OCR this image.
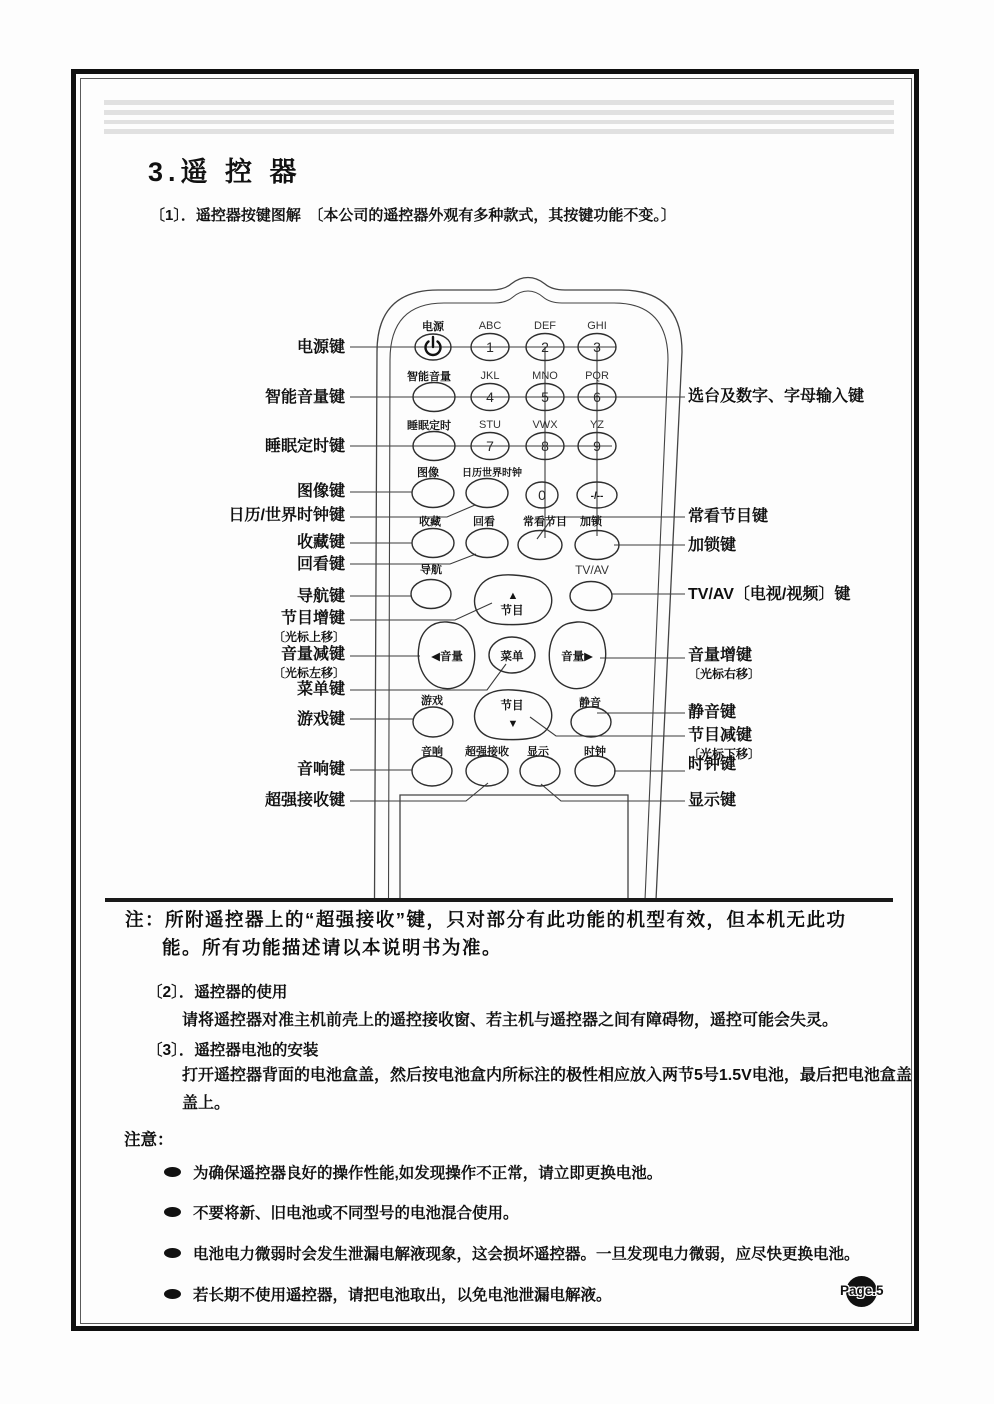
3.遥 控 器
〔1〕．遥控器按键图解　〔本公司的遥控器外观有多种款式，其按键功能不变。〕
电源	ABC	DEF	GHI
智能音量	JKL	MNO PQR
睡眠定时	STU	VWX	YZ
图像 日历世界时钟
1	2	3
4	5	6
7	8	9
0	-/--
收藏	回看	常看节目 加锁
导航	TV/AV
▲
节目
◀音量	菜单	音量▶
节目
▼
游戏	静音
音响 超强接收 显示	时钟
电源键
智能音量键
睡眠定时键
图像键
日历/世界时钟键
收藏键
回看键
导航键
节目增键
〔光标上移〕
音量减键
〔光标左移〕
菜单键
游戏键
音响键
超强接收键
选台及数字、字母输入键
常看节目键
加锁键
TV/AV〔电视/视频〕键
音量增键
〔光标右移〕
静音键
节目减键
〔光标下移〕
时钟键
显示键
注：所附遥控器上的“超强接收”键，只对部分有此功能的机型有效，但本机无此功
能。所有功能描述请以本说明书为准。
〔2〕．遥控器的使用
请将遥控器对准主机前壳上的遥控接收窗、若主机与遥控器之间有障碍物，遥控可能会失灵。
〔3〕．遥控器电池的安装
打开遥控器背面的电池盒盖，然后按电池盒内所标注的极性相应放入两节5号1.5V电池，最后把电池盒盖盖上。
注意：
为确保遥控器良好的操作性能,如发现操作不正常，请立即更换电池。
不要将新、旧电池或不同型号的电池混合使用。
电池电力微弱时会发生泄漏电解液现象，这会损坏遥控器。一旦发现电力微弱，应尽快更换电池。
若长期不使用遥控器，请把电池取出，以免电池泄漏电解液。	Page.5
